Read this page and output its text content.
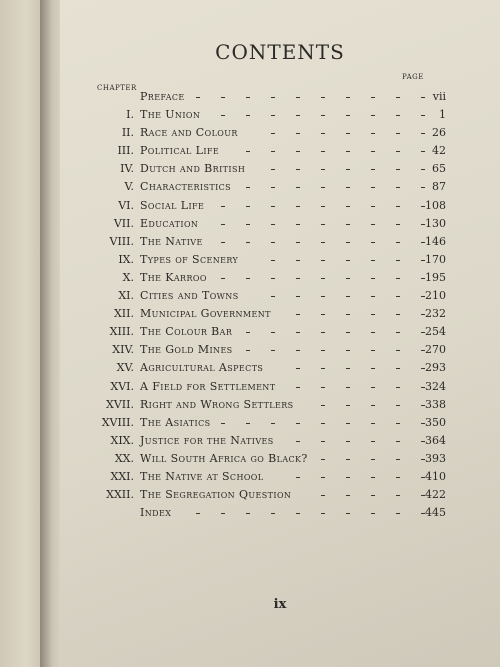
CONTENTS
CHAPTER
PAGE
Preface	vii
I. The Union	1
II. Race and Colour	26
III. Political Life	42
IV. Dutch and British	65
V. Characteristics	87
VI. Social Life	108
VII. Education	130
VIII. The Native	146
IX. Types of Scenery	170
X. The Karroo	195
XI. Cities and Towns	210
XII. Municipal Government	232
XIII. The Colour Bar	254
XIV. The Gold Mines	270
XV. Agricultural Aspects	293
XVI. A Field for Settlement	324
XVII. Right and Wrong Settlers	338
XVIII. The Asiatics	350
XIX. Justice for the Natives	364
XX. Will South Africa go Black?	393
XXI. The Native at School	410
XXII. The Segregation Question	422
Index	445
ix
